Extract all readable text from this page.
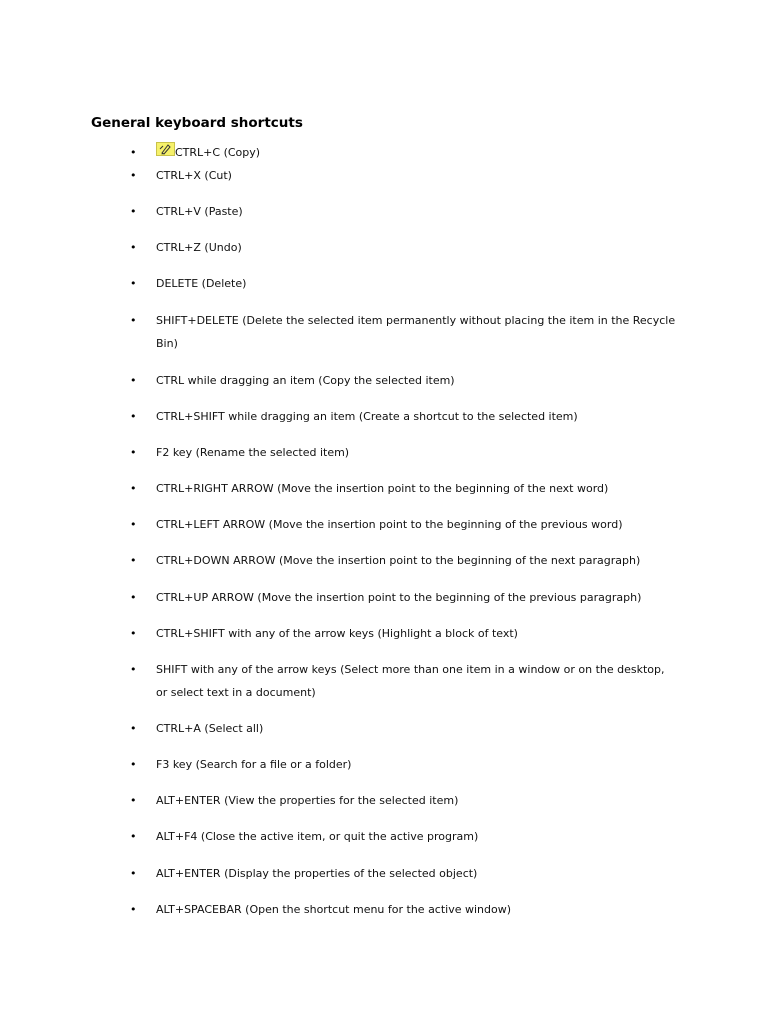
General keyboard shortcuts
•	CTRL+C (Copy)
•	CTRL+X (Cut)
•	CTRL+V (Paste)
•	CTRL+Z (Undo)
•	DELETE (Delete)
•	SHIFT+DELETE (Delete the selected item permanently without placing the item in the Recycle Bin)
•	CTRL while dragging an item (Copy the selected item)
•	CTRL+SHIFT while dragging an item (Create a shortcut to the selected item)
•	F2 key (Rename the selected item)
•	CTRL+RIGHT ARROW (Move the insertion point to the beginning of the next word)
•	CTRL+LEFT ARROW (Move the insertion point to the beginning of the previous word)
•	CTRL+DOWN ARROW (Move the insertion point to the beginning of the next paragraph)
•	CTRL+UP ARROW (Move the insertion point to the beginning of the previous paragraph)
•	CTRL+SHIFT with any of the arrow keys (Highlight a block of text)
•	SHIFT with any of the arrow keys (Select more than one item in a window or on the desktop, or select text in a document)
•	CTRL+A (Select all)
•	F3 key (Search for a file or a folder)
•	ALT+ENTER (View the properties for the selected item)
•	ALT+F4 (Close the active item, or quit the active program)
•	ALT+ENTER (Display the properties of the selected object)
•	ALT+SPACEBAR (Open the shortcut menu for the active window)
